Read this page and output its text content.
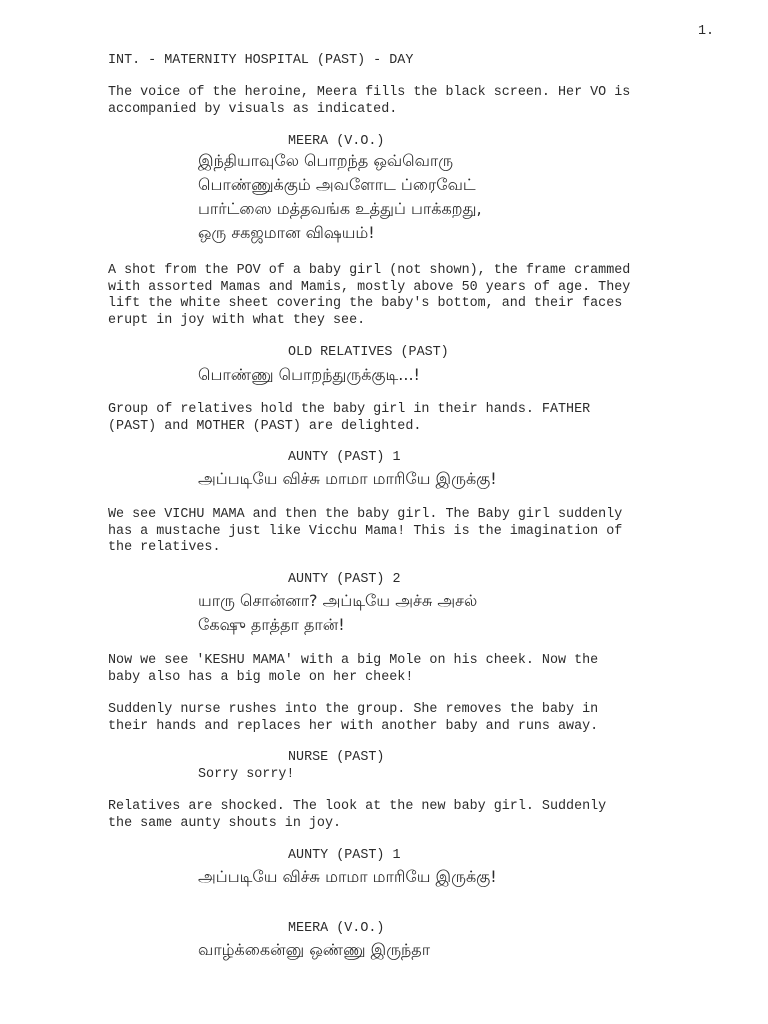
1.
INT. - MATERNITY HOSPITAL (PAST) - DAY
The voice of the heroine, Meera fills the black screen. Her VO is
accompanied by visuals as indicated.
MEERA (V.O.)
இந்தியாவுலே பொறந்த ஒவ்வொரு
பொண்ணுக்கும் அவளோட ப்ரைவேட்
பார்ட்ஸை மத்தவங்க உத்துப் பாக்கறது,
ஒரு சகஜமான விஷயம்!
A shot from the POV of a baby girl (not shown), the frame crammed
with assorted Mamas and Mamis, mostly above 50 years of age. They
lift the white sheet covering the baby's bottom, and their faces
erupt in joy with what they see.
OLD RELATIVES (PAST)
பொண்ணு பொறந்துருக்குடி...!
Group of relatives hold the baby girl in their hands. FATHER
(PAST) and MOTHER (PAST) are delighted.
AUNTY (PAST) 1
அப்படியே விச்சு மாமா மாரியே இருக்கு!
We see VICHU MAMA and then the baby girl. The Baby girl suddenly
has a mustache just like Vicchu Mama! This is the imagination of
the relatives.
AUNTY (PAST) 2
யாரு சொன்னா? அப்டியே அச்சு அசல்
கேஷு தாத்தா தான்!
Now we see 'KESHU MAMA' with a big Mole on his cheek. Now the
baby also has a big mole on her cheek!
Suddenly nurse rushes into the group. She removes the baby in
their hands and replaces her with another baby and runs away.
NURSE (PAST)
Sorry sorry!
Relatives are shocked. The look at the new baby girl. Suddenly
the same aunty shouts in joy.
AUNTY (PAST) 1
அப்படியே விச்சு மாமா மாரியே இருக்கு!
MEERA (V.O.)
வாழ்க்கைன்னு ஒண்ணு இருந்தா
